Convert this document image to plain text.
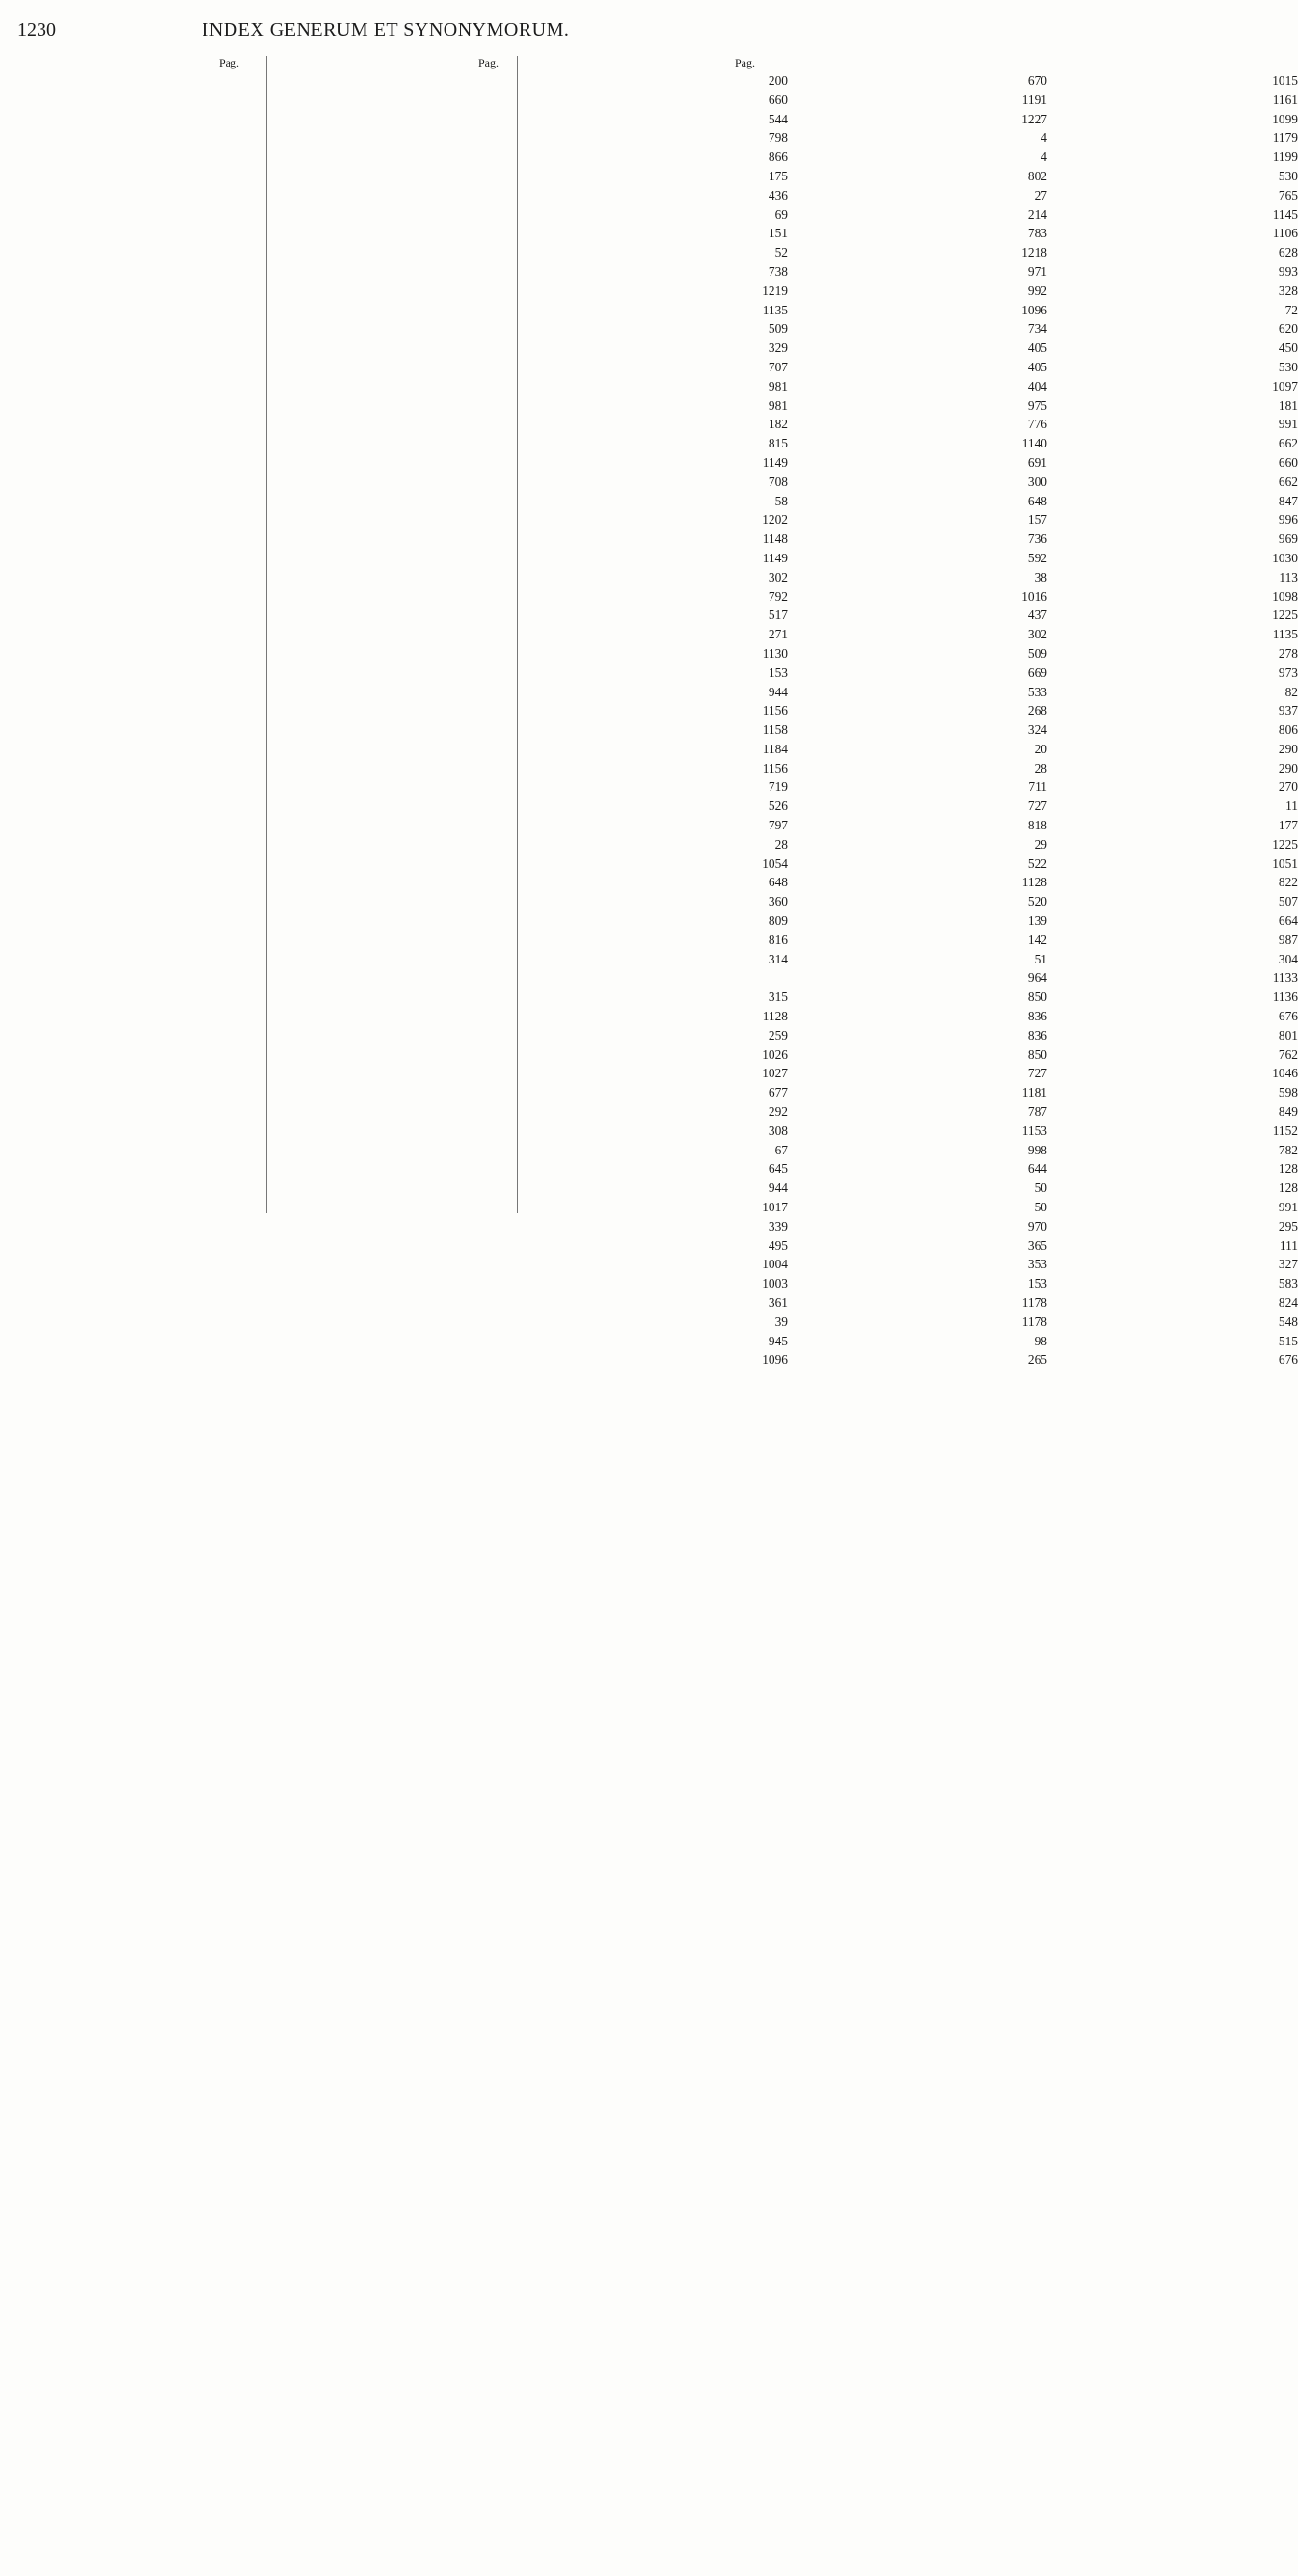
1230	INDEX GENERUM ET SYNONYMORUM.
Pag.
200
660
544
798
866
175
436
69
151
52
738
1219
1135
509
329
707
981
981
182
815
1149
708
58
1202
1148
1149
302
792
517
271
1130
153
944
1156
1158
1184
1156
719
526
797
28
1054
648
360
809
816
314
315
1128
259
1026
1027
677
292
308
67
645
944
1017
339
495
1004
1003
361
39
945
1096
Pag.
670
1191
1227
4
4
802
27
214
783
1218
971
992
1096
734
405
405
404
975
776
1140
691
300
648
157
736
592
38
1016
437
302
509
669
533
268
324
20
28
711
727
818
29
522
1128
520
139
142
51
964
850
836
836
850
727
1181
787
1153
998
644
50
50
970
365
353
153
1178
1178
98
265
Pag.
1015
1161
1099
1179
1199
530
765
1145
1106
628
993
328
72
620
450
530
1097
181
991
662
660
662
847
996
969
1030
113
1098
1225
1135
278
973
82
937
806
290
290
270
11
177
1225
1051
822
507
664
987
304
1133
1136
676
801
762
1046
598
849
1152
782
128
128
991
295
111
327
583
824
548
515
676
